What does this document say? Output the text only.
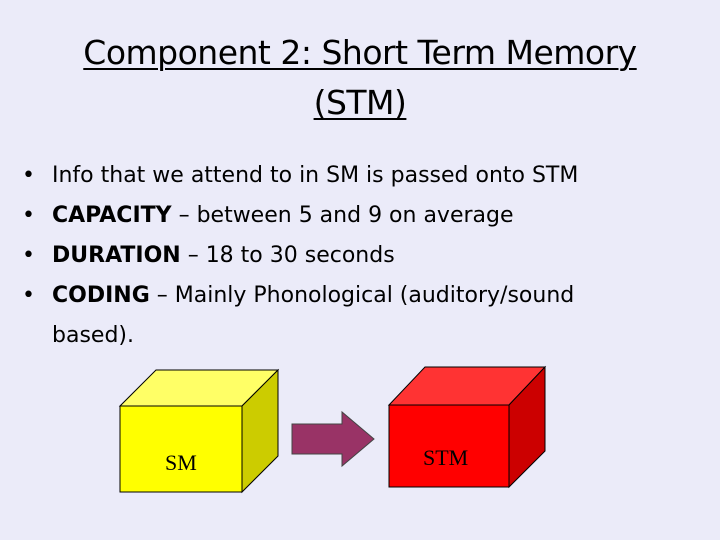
Component 2: Short Term Memory
(STM)
• Info that we attend to in SM is passed onto STM
• CAPACITY – between 5 and 9 on average
• DURATION – 18 to 30 seconds
• CODING – Mainly Phonological (auditory/sound
based).
SM	STM
